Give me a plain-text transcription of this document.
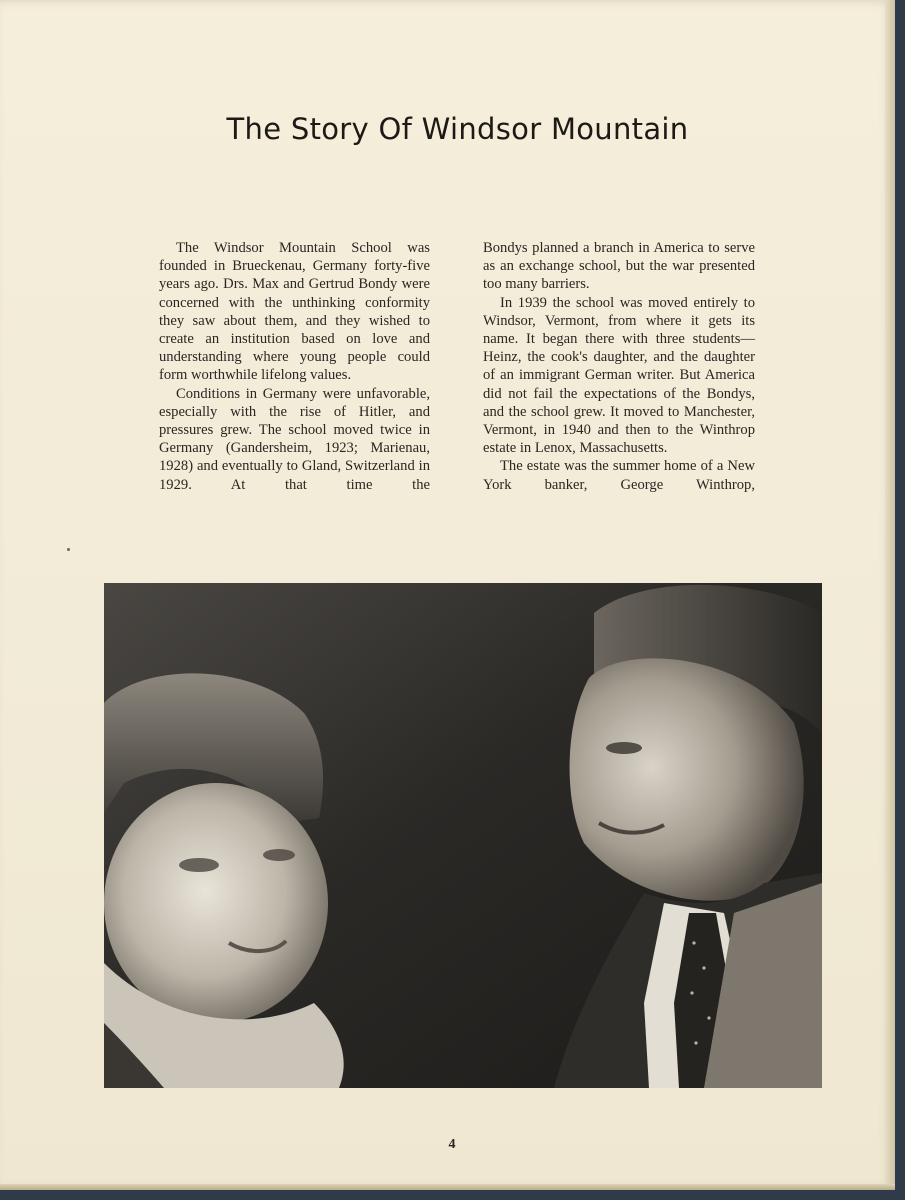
The Story Of Windsor Mountain

The Windsor Mountain School was founded in Brueckenau, Germany forty-five years ago. Drs. Max and Gertrud Bondy were concerned with the unthinking conformity they saw about them, and they wished to create an institution based on love and understanding where young people could form worthwhile lifelong values.

Conditions in Germany were unfavorable, especially with the rise of Hitler, and pressures grew. The school moved twice in Germany (Gandersheim, 1923; Marienau, 1928) and eventually to Gland, Switzerland in 1929. At that time the

Bondys planned a branch in America to serve as an exchange school, but the war presented too many barriers.

In 1939 the school was moved entirely to Windsor, Vermont, from where it gets its name. It began there with three students—Heinz, the cook's daughter, and the daughter of an immigrant German writer. But America did not fail the expectations of the Bondys, and the school grew. It moved to Manchester, Vermont, in 1940 and then to the Winthrop estate in Lenox, Massachusetts.

The estate was the summer home of a New York banker, George Winthrop,

4
